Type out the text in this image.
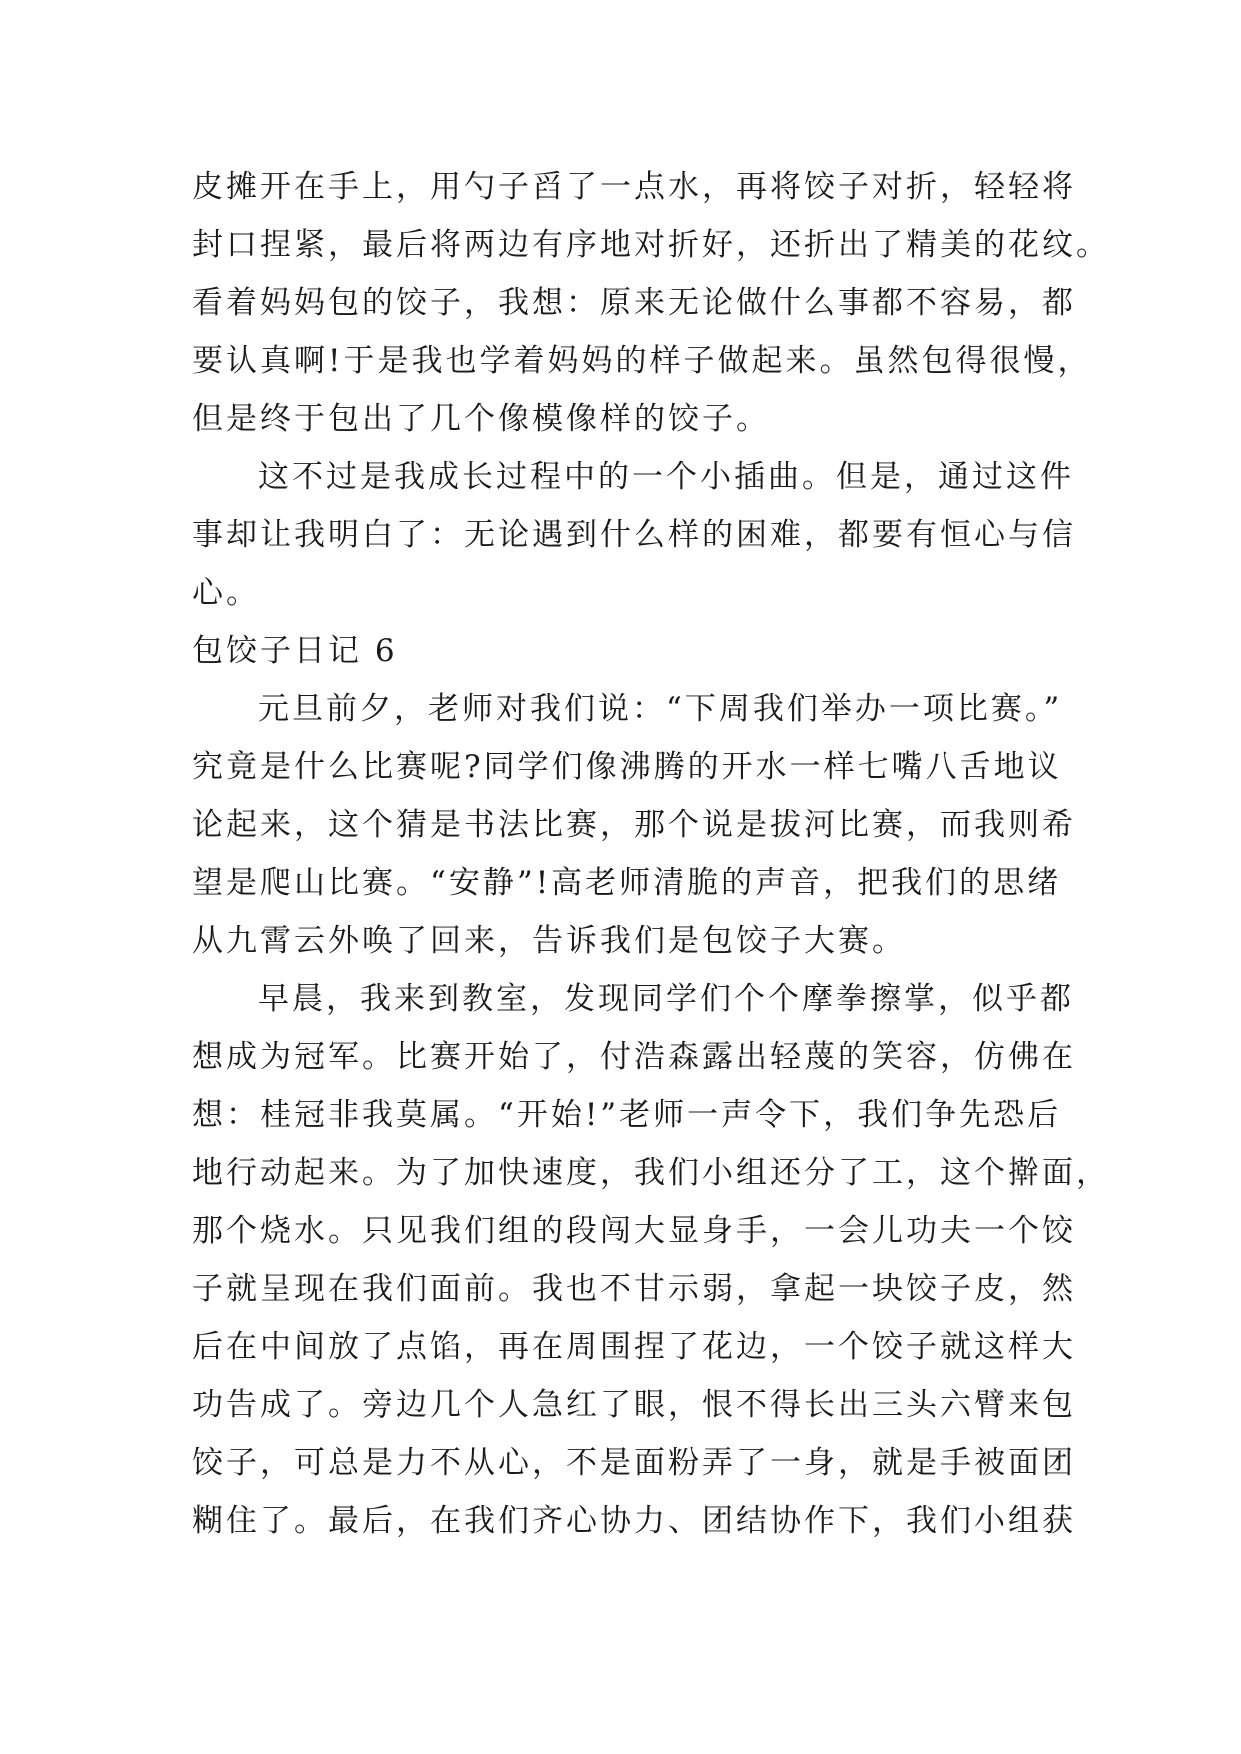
皮摊开在手上，用勺子舀了一点水，再将饺子对折，轻轻将
封口捏紧，最后将两边有序地对折好，还折出了精美的花纹。
看着妈妈包的饺子，我想：原来无论做什么事都不容易，都
要认真啊!于是我也学着妈妈的样子做起来。虽然包得很慢，
但是终于包出了几个像模像样的饺子。
这不过是我成长过程中的一个小插曲。但是，通过这件
事却让我明白了：无论遇到什么样的困难，都要有恒心与信
心。
包饺子日记 6
元旦前夕，老师对我们说：“下周我们举办一项比赛。”
究竟是什么比赛呢?同学们像沸腾的开水一样七嘴八舌地议
论起来，这个猜是书法比赛，那个说是拔河比赛，而我则希
望是爬山比赛。“安静”!高老师清脆的声音，把我们的思绪
从九霄云外唤了回来，告诉我们是包饺子大赛。
早晨，我来到教室，发现同学们个个摩拳擦掌，似乎都
想成为冠军。比赛开始了，付浩森露出轻蔑的笑容，仿佛在
想：桂冠非我莫属。“开始!”老师一声令下，我们争先恐后
地行动起来。为了加快速度，我们小组还分了工，这个擀面，
那个烧水。只见我们组的段闯大显身手，一会儿功夫一个饺
子就呈现在我们面前。我也不甘示弱，拿起一块饺子皮，然
后在中间放了点馅，再在周围捏了花边，一个饺子就这样大
功告成了。旁边几个人急红了眼，恨不得长出三头六臂来包
饺子，可总是力不从心，不是面粉弄了一身，就是手被面团
糊住了。最后，在我们齐心协力、团结协作下，我们小组获
